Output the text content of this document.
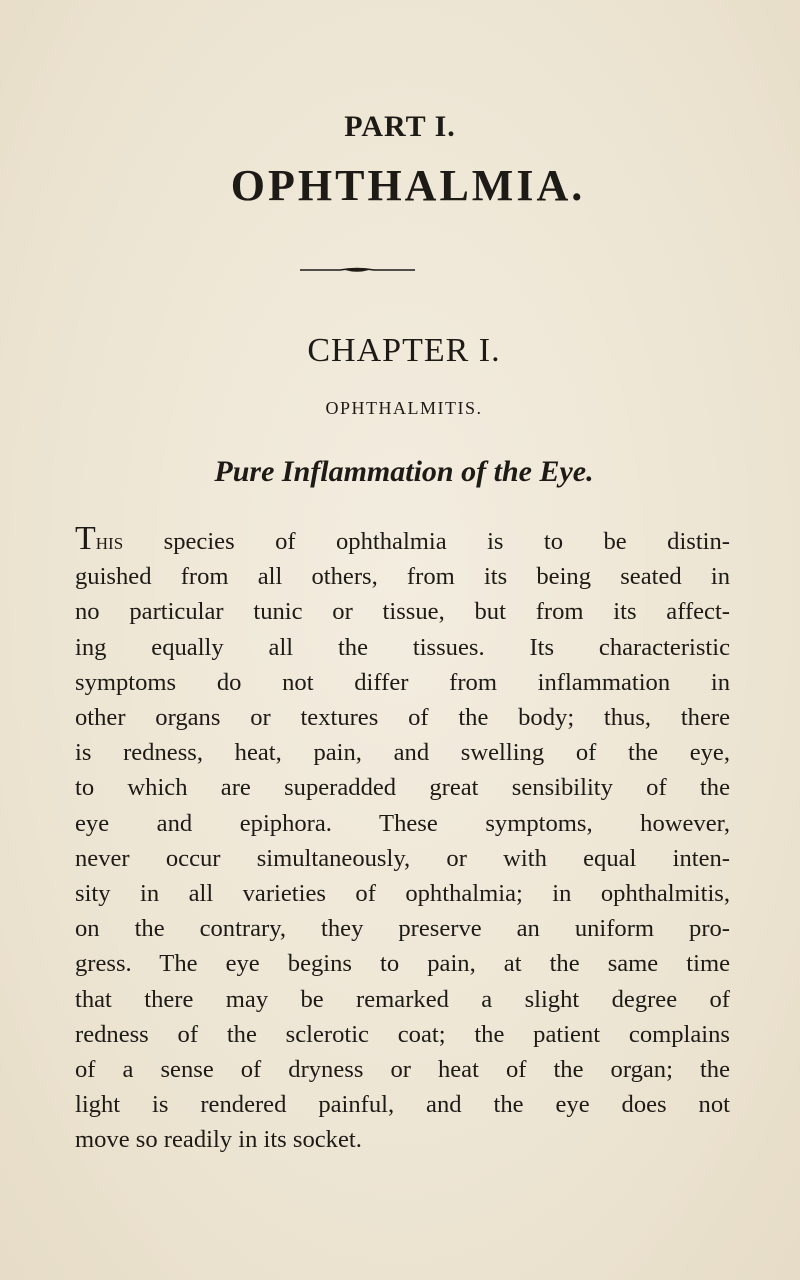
PART I.
OPHTHALMIA.
CHAPTER I.
OPHTHALMITIS.
Pure Inflammation of the Eye.
This species of ophthalmia is to be distin-
guished from all others, from its being seated in
no particular tunic or tissue, but from its affect-
ing equally all the tissues. Its characteristic
symptoms do not differ from inflammation in
other organs or textures of the body; thus, there
is redness, heat, pain, and swelling of the eye,
to which are superadded great sensibility of the
eye and epiphora. These symptoms, however,
never occur simultaneously, or with equal inten-
sity in all varieties of ophthalmia; in ophthalmitis,
on the contrary, they preserve an uniform pro-
gress. The eye begins to pain, at the same time
that there may be remarked a slight degree of
redness of the sclerotic coat; the patient complains
of a sense of dryness or heat of the organ; the
light is rendered painful, and the eye does not
move so readily in its socket.
